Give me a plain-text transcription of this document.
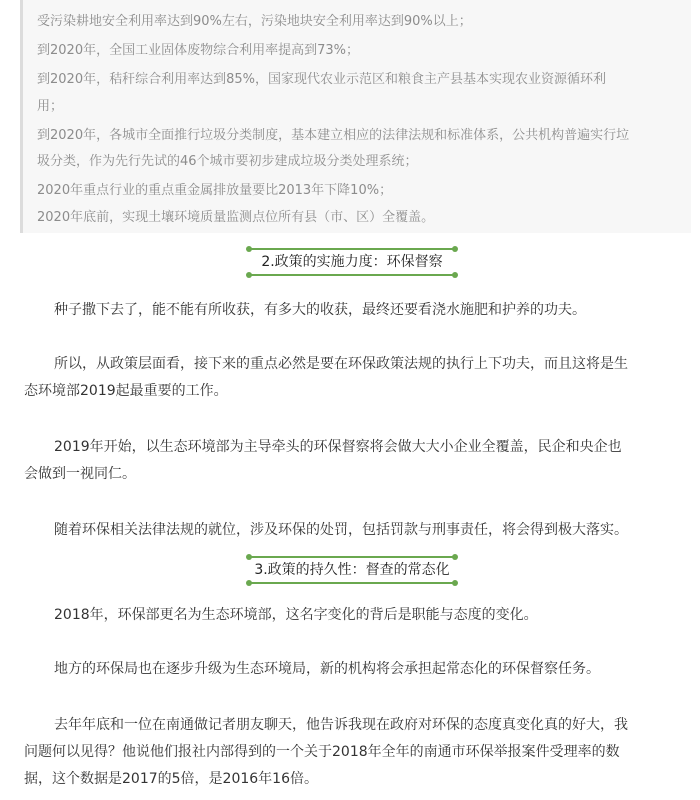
受污染耕地安全利用率达到90%左右，污染地块安全利用率达到90%以上；
到2020年，全国工业固体废物综合利用率提高到73%；
到2020年，秸秆综合利用率达到85%，国家现代农业示范区和粮食主产县基本实现农业资源循环利
用；
到2020年，各城市全面推行垃圾分类制度，基本建立相应的法律法规和标准体系，公共机构普遍实行垃
圾分类，作为先行先试的46个城市要初步建成垃圾分类处理系统；
2020年重点行业的重点重金属排放量要比2013年下降10%；
2020年底前，实现土壤环境质量监测点位所有县（市、区）全覆盖。
2.政策的实施力度：环保督察
种子撒下去了，能不能有所收获，有多大的收获，最终还要看浇水施肥和护养的功夫。
所以，从政策层面看，接下来的重点必然是要在环保政策法规的执行上下功夫，而且这将是生
态环境部2019起最重要的工作。
2019年开始，以生态环境部为主导牵头的环保督察将会做大大小企业全覆盖，民企和央企也
会做到一视同仁。
随着环保相关法律法规的就位，涉及环保的处罚，包括罚款与刑事责任，将会得到极大落实。
3.政策的持久性：督查的常态化
2018年，环保部更名为生态环境部，这名字变化的背后是职能与态度的变化。
地方的环保局也在逐步升级为生态环境局，新的机构将会承担起常态化的环保督察任务。
去年年底和一位在南通做记者朋友聊天，他告诉我现在政府对环保的态度真变化真的好大，我
问题何以见得？他说他们报社内部得到的一个关于2018年全年的南通市环保举报案件受理率的数
据，这个数据是2017的5倍，是2016年16倍。
